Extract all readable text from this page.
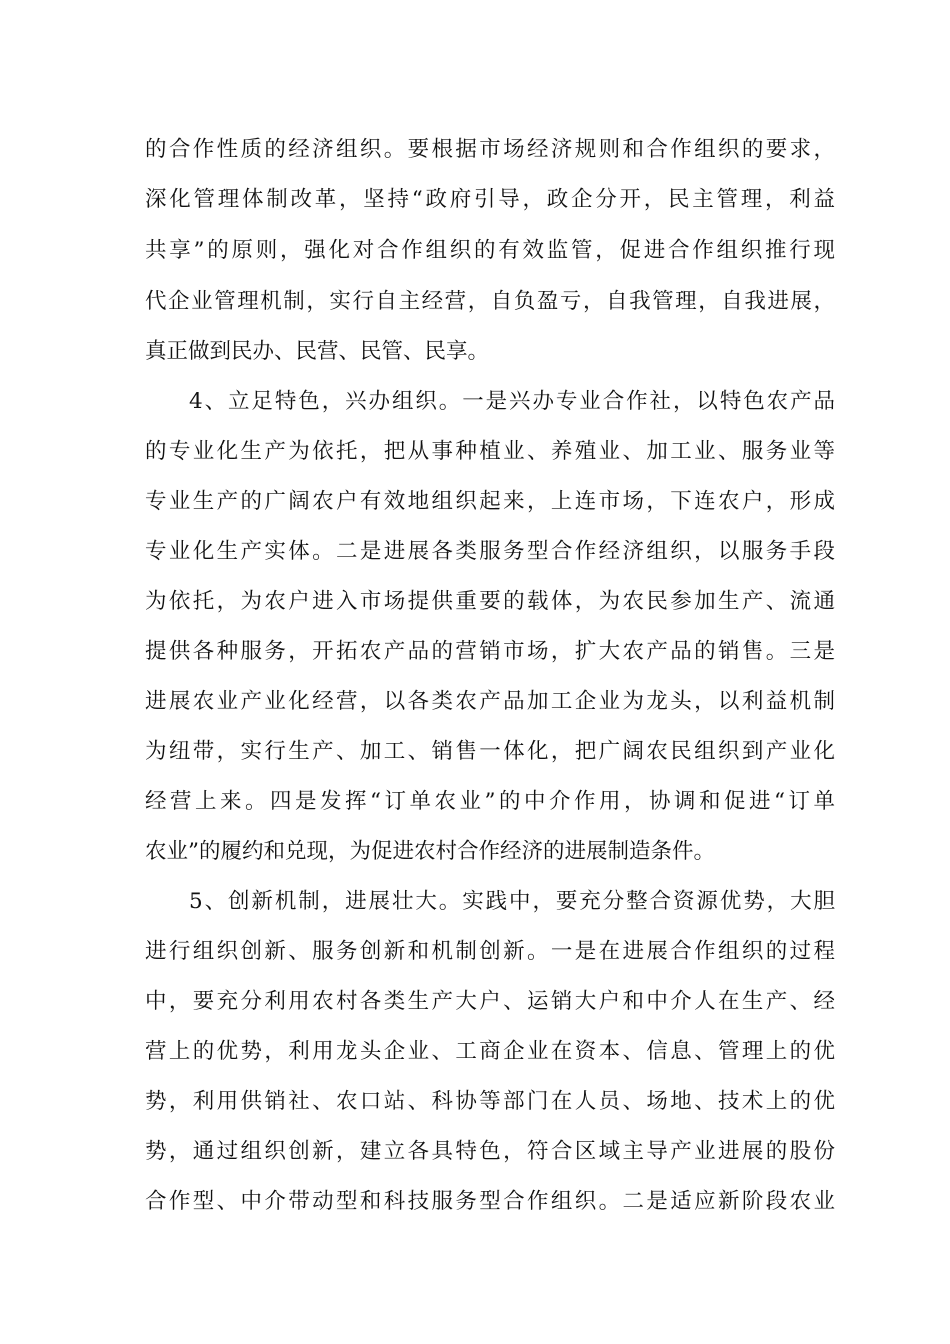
的合作性质的经济组织。要根据市场经济规则和合作组织的要求，
深化管理体制改革，坚持“政府引导，政企分开，民主管理，利益
共享”的原则，强化对合作组织的有效监管，促进合作组织推行现
代企业管理机制，实行自主经营，自负盈亏，自我管理，自我进展，
真正做到民办、民营、民管、民享。
4、立足特色，兴办组织。一是兴办专业合作社，以特色农产品
的专业化生产为依托，把从事种植业、养殖业、加工业、服务业等
专业生产的广阔农户有效地组织起来，上连市场，下连农户，形成
专业化生产实体。二是进展各类服务型合作经济组织，以服务手段
为依托，为农户进入市场提供重要的载体，为农民参加生产、流通
提供各种服务，开拓农产品的营销市场，扩大农产品的销售。三是
进展农业产业化经营，以各类农产品加工企业为龙头，以利益机制
为纽带，实行生产、加工、销售一体化，把广阔农民组织到产业化
经营上来。四是发挥“订单农业”的中介作用，协调和促进“订单
农业”的履约和兑现，为促进农村合作经济的进展制造条件。
5、创新机制，进展壮大。实践中，要充分整合资源优势，大胆
进行组织创新、服务创新和机制创新。一是在进展合作组织的过程
中，要充分利用农村各类生产大户、运销大户和中介人在生产、经
营上的优势，利用龙头企业、工商企业在资本、信息、管理上的优
势，利用供销社、农口站、科协等部门在人员、场地、技术上的优
势，通过组织创新，建立各具特色，符合区域主导产业进展的股份
合作型、中介带动型和科技服务型合作组织。二是适应新阶段农业
